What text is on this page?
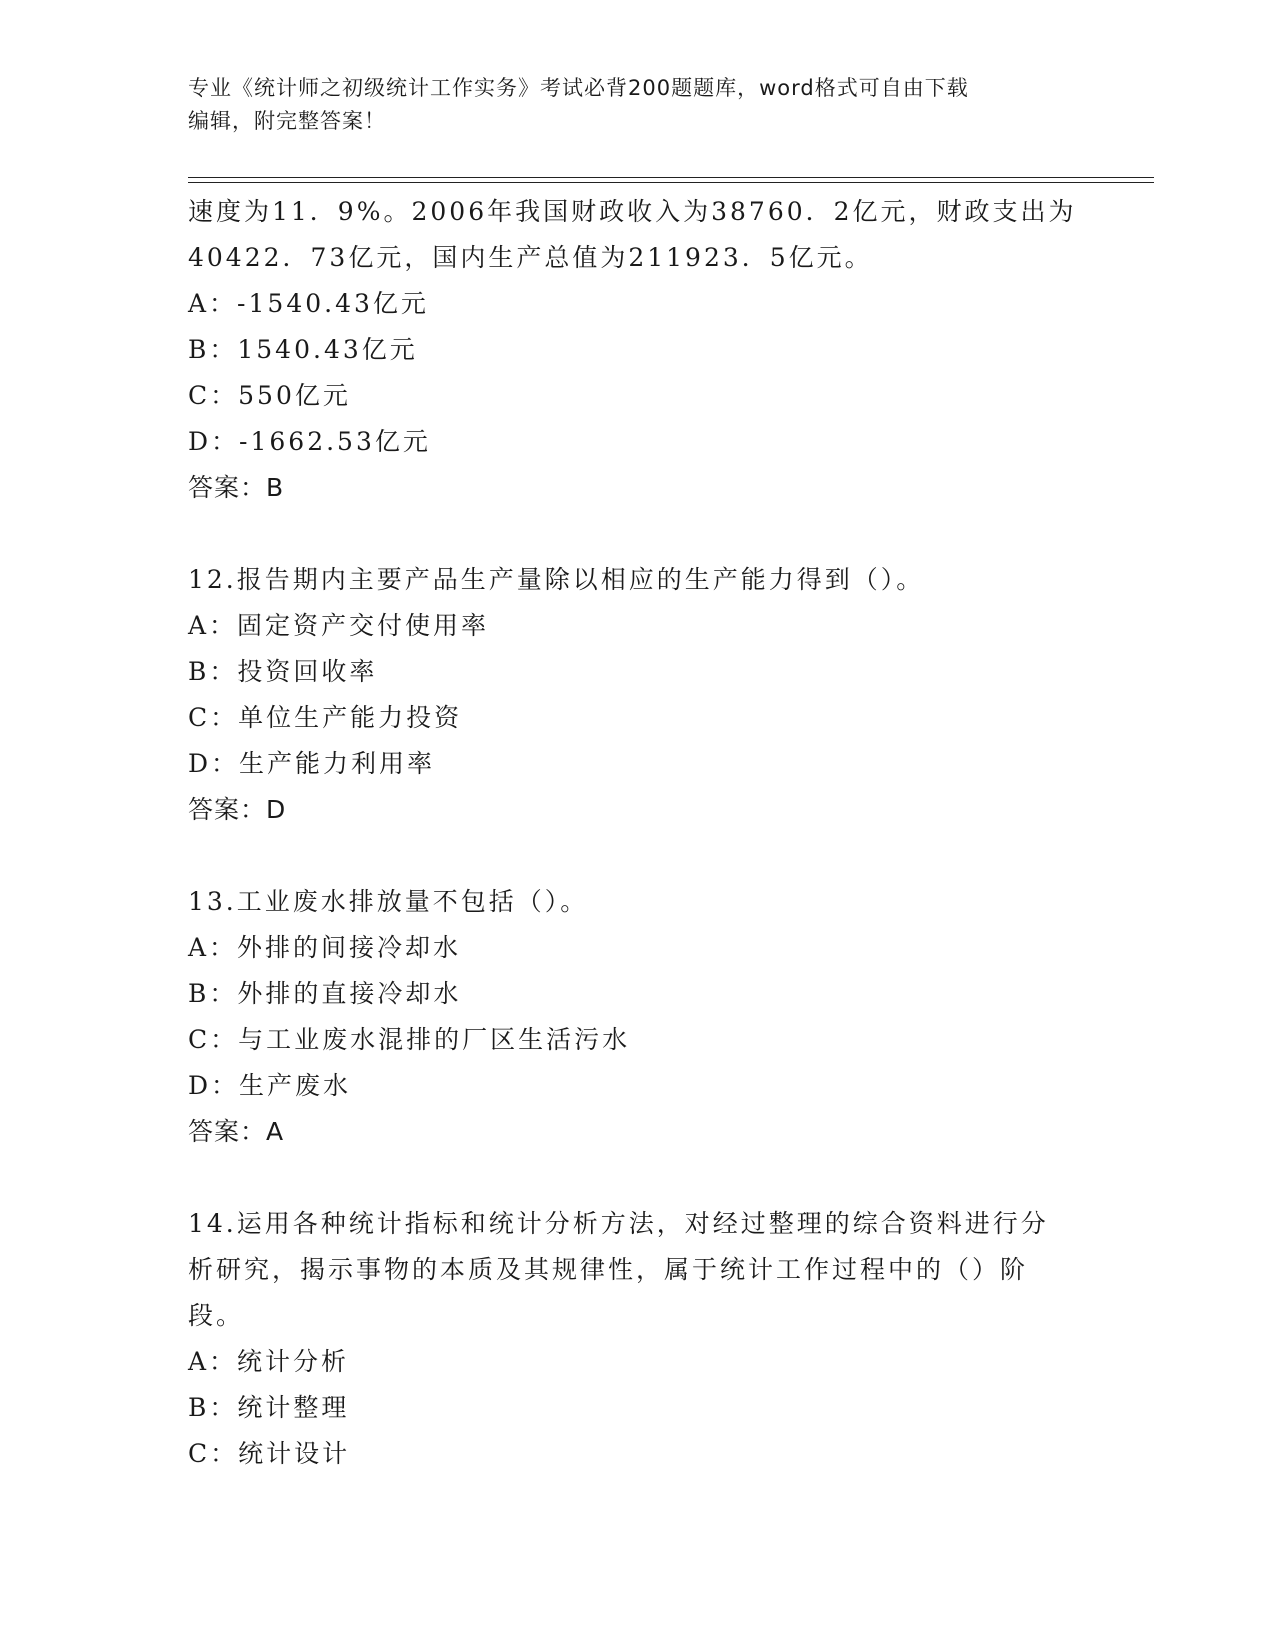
专业《统计师之初级统计工作实务》考试必背200题题库，word格式可自由下载
编辑，附完整答案！

速度为11．9%。2006年我国财政收入为38760．2亿元，财政支出为

40422．73亿元，国内生产总值为211923．5亿元。

A：-1540.43亿元

B：1540.43亿元

C：550亿元

D：-1662.53亿元

答案：B

12.报告期内主要产品生产量除以相应的生产能力得到（）。

A：固定资产交付使用率

B：投资回收率

C：单位生产能力投资

D：生产能力利用率

答案：D

13.工业废水排放量不包括（）。

A：外排的间接冷却水

B：外排的直接冷却水

C：与工业废水混排的厂区生活污水

D：生产废水

答案：A

14.运用各种统计指标和统计分析方法，对经过整理的综合资料进行分

析研究，揭示事物的本质及其规律性，属于统计工作过程中的（）阶

段。

A：统计分析

B：统计整理

C：统计设计
